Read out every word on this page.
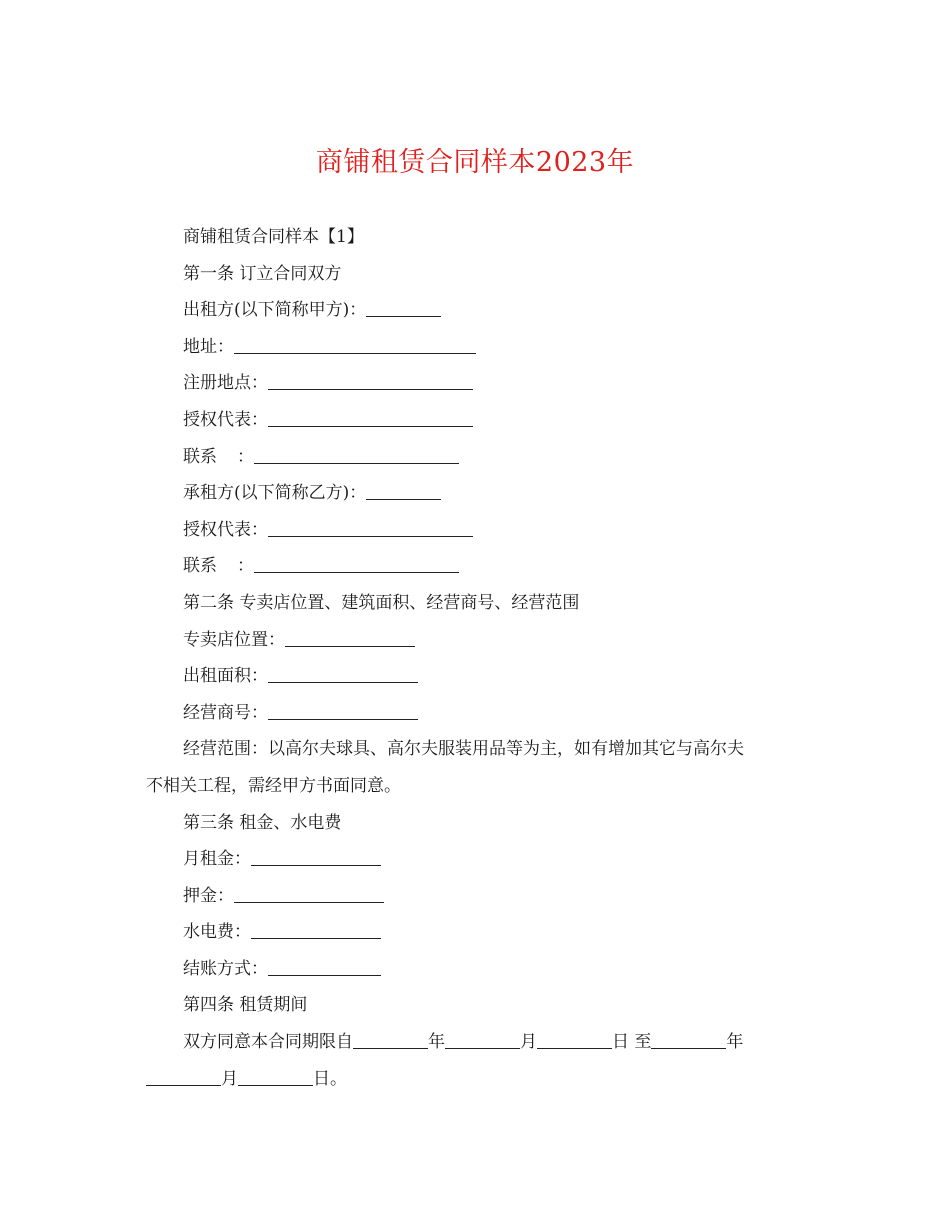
商铺租赁合同样本2023年
商铺租赁合同样本【1】
第一条 订立合同双方
出租方(以下简称甲方)：
地址：
注册地点：
授权代表：
联系 ：
承租方(以下简称乙方)：
授权代表：
联系 ：
第二条 专卖店位置、建筑面积、经营商号、经营范围
专卖店位置：
出租面积：
经营商号：
经营范围：以高尔夫球具、高尔夫服装用品等为主，如有增加其它与高尔夫
不相关工程，需经甲方书面同意。
第三条 租金、水电费
月租金：
押金：
水电费：
结账方式：
第四条 租赁期间
双方同意本合同期限自	年	月	日 至	年
月	日。
